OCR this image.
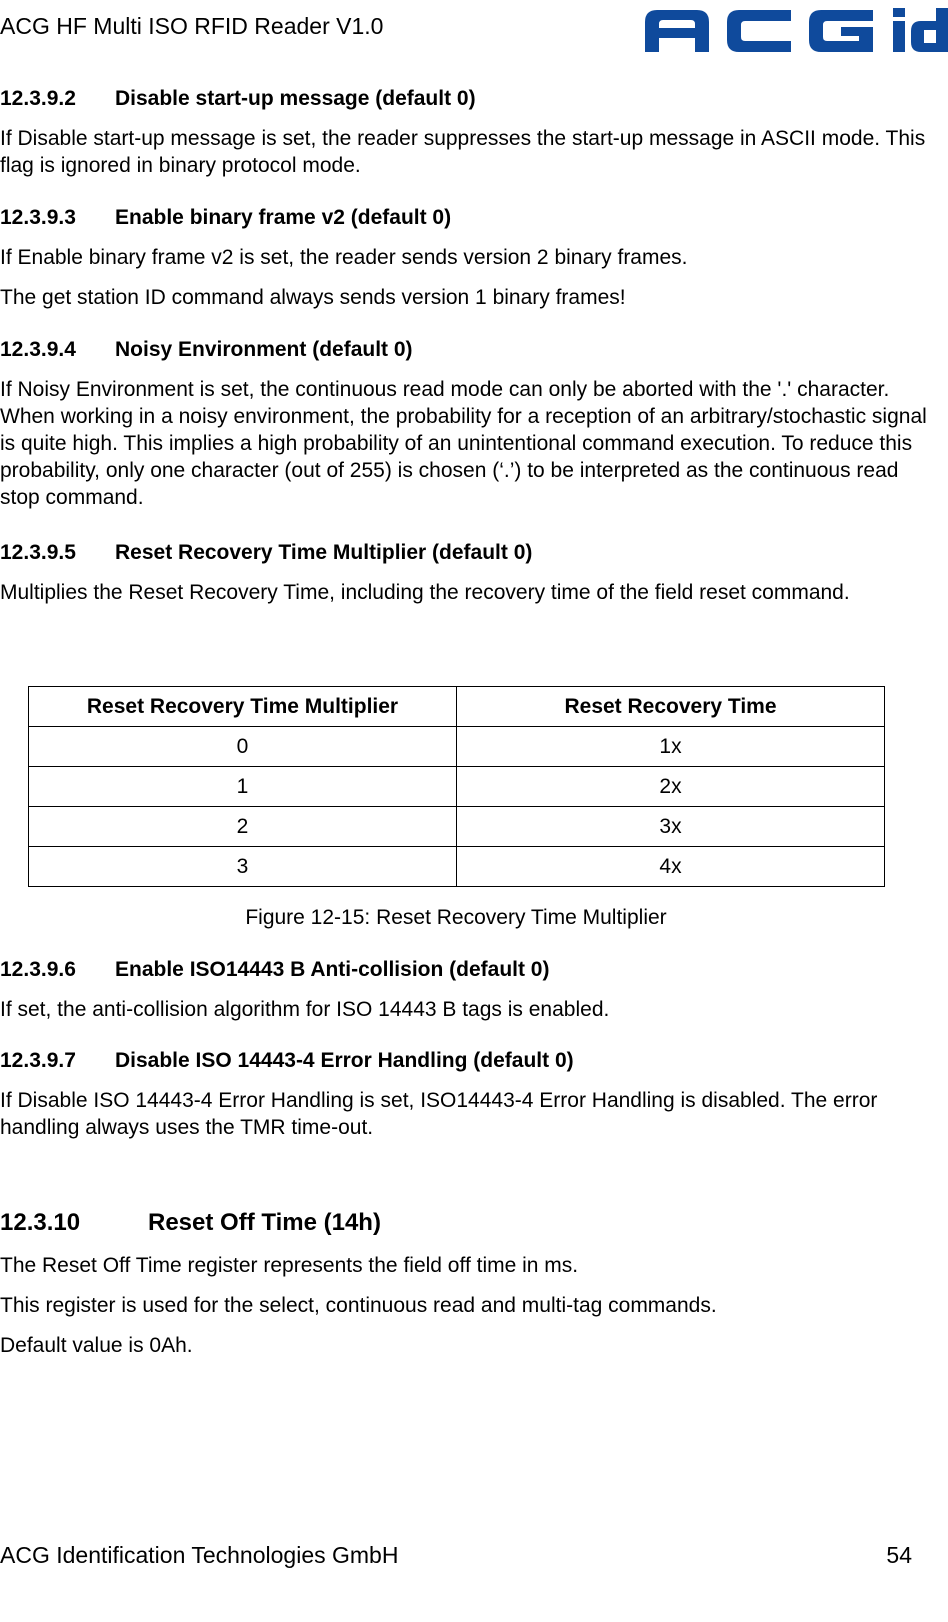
ACG HF Multi ISO RFID Reader V1.0
12.3.9.2 Disable start-up message (default 0)

If Disable start-up message is set, the reader suppresses the start-up message in ASCII mode. This flag is ignored in binary protocol mode.

12.3.9.3 Enable binary frame v2 (default 0)

If Enable binary frame v2 is set, the reader sends version 2 binary frames.

The get station ID command always sends version 1 binary frames!

12.3.9.4 Noisy Environment (default 0)

If Noisy Environment is set, the continuous read mode can only be aborted with the '.' character. When working in a noisy environment, the probability for a reception of an arbitrary/stochastic signal is quite high. This implies a high probability of an unintentional command execution. To reduce this probability, only one character (out of 255) is chosen (‘.’) to be interpreted as the continuous read stop command.

12.3.9.5 Reset Recovery Time Multiplier (default 0)

Multiplies the Reset Recovery Time, including the recovery time of the field reset command.

Reset Recovery Time Multiplier	Reset Recovery Time
0	1x
1	2x
2	3x
3	4x
Figure 12-15: Reset Recovery Time Multiplier
12.3.9.6 Enable ISO14443 B Anti-collision (default 0)

If set, the anti-collision algorithm for ISO 14443 B tags is enabled.

12.3.9.7 Disable ISO 14443-4 Error Handling (default 0)

If Disable ISO 14443-4 Error Handling is set, ISO14443-4 Error Handling is disabled. The error handling always uses the TMR time-out.

12.3.10	Reset Off Time (14h)

The Reset Off Time register represents the field off time in ms.

This register is used for the select, continuous read and multi-tag commands.

Default value is 0Ah.

ACG Identification Technologies GmbH	54
